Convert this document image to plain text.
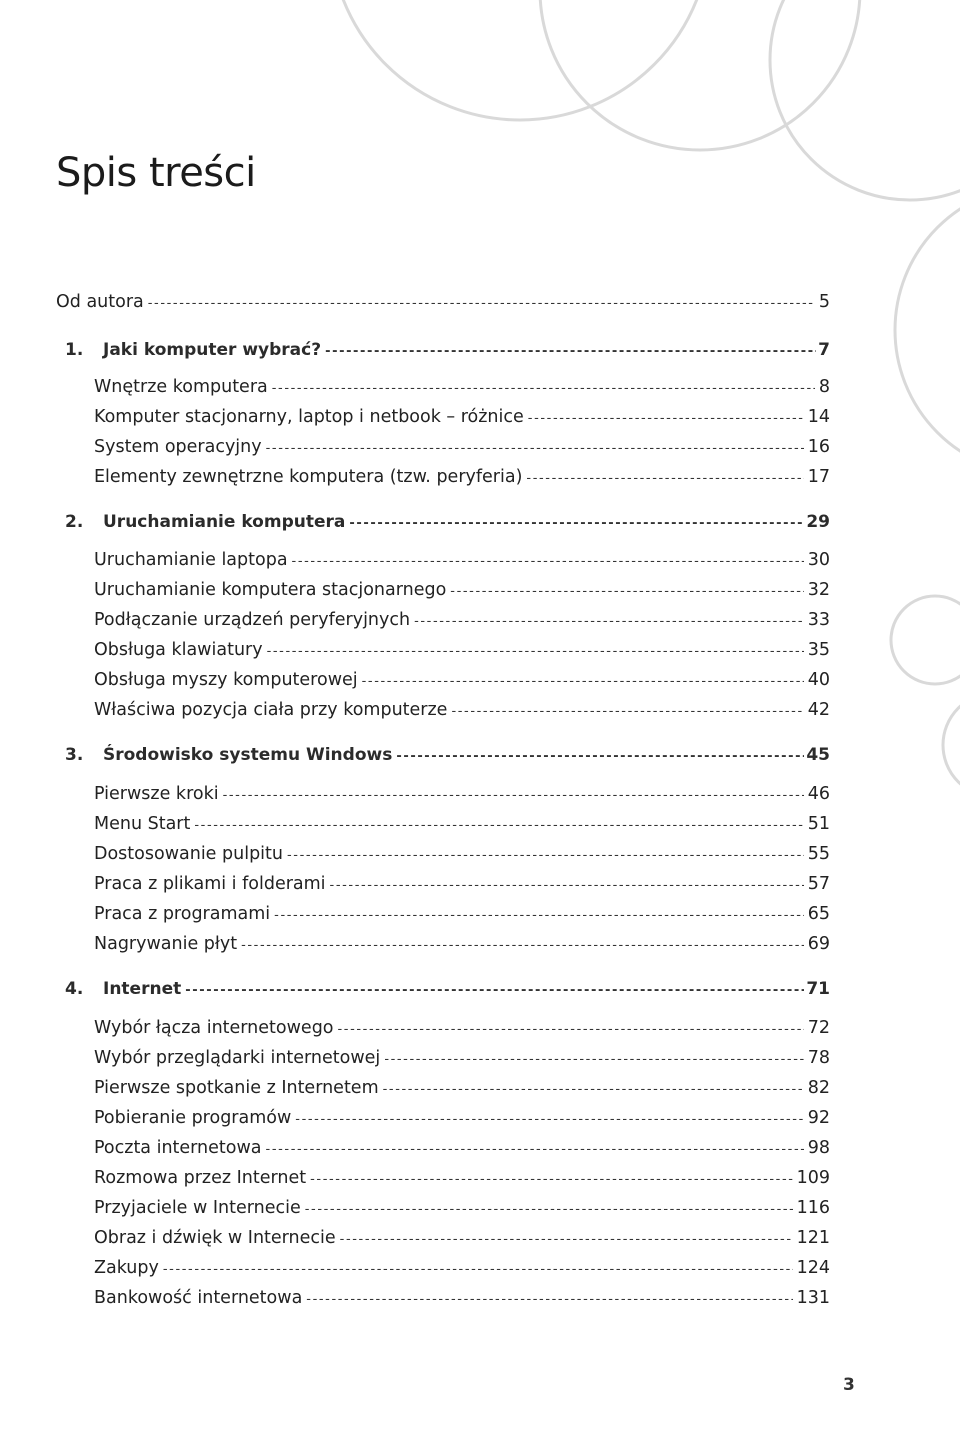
Spis treści
Od autora -----	5
1.	Jaki komputer wybrać? -----	7
Wnętrze komputera -----	8
Komputer stacjonarny, laptop i netbook – różnice -----	14
System operacyjny -----	16
Elementy zewnętrzne komputera (tzw. peryferia) -----	17
2.	Uruchamianie komputera -----	29
Uruchamianie laptopa -----	30
Uruchamianie komputera stacjonarnego -----	32
Podłączanie urządzeń peryferyjnych -----	33
Obsługa klawiatury -----	35
Obsługa myszy komputerowej -----	40
Właściwa pozycja ciała przy komputerze -----	42
3.	Środowisko systemu Windows -----	45
Pierwsze kroki -----	46
Menu Start -----	51
Dostosowanie pulpitu -----	55
Praca z plikami i folderami -----	57
Praca z programami -----	65
Nagrywanie płyt -----	69
4.	Internet -----	71
Wybór łącza internetowego -----	72
Wybór przeglądarki internetowej -----	78
Pierwsze spotkanie z Internetem -----	82
Pobieranie programów -----	92
Poczta internetowa -----	98
Rozmowa przez Internet -----	109
Przyjaciele w Internecie -----	116
Obraz i dźwięk w Internecie -----	121
Zakupy -----	124
Bankowość internetowa -----	131
3
